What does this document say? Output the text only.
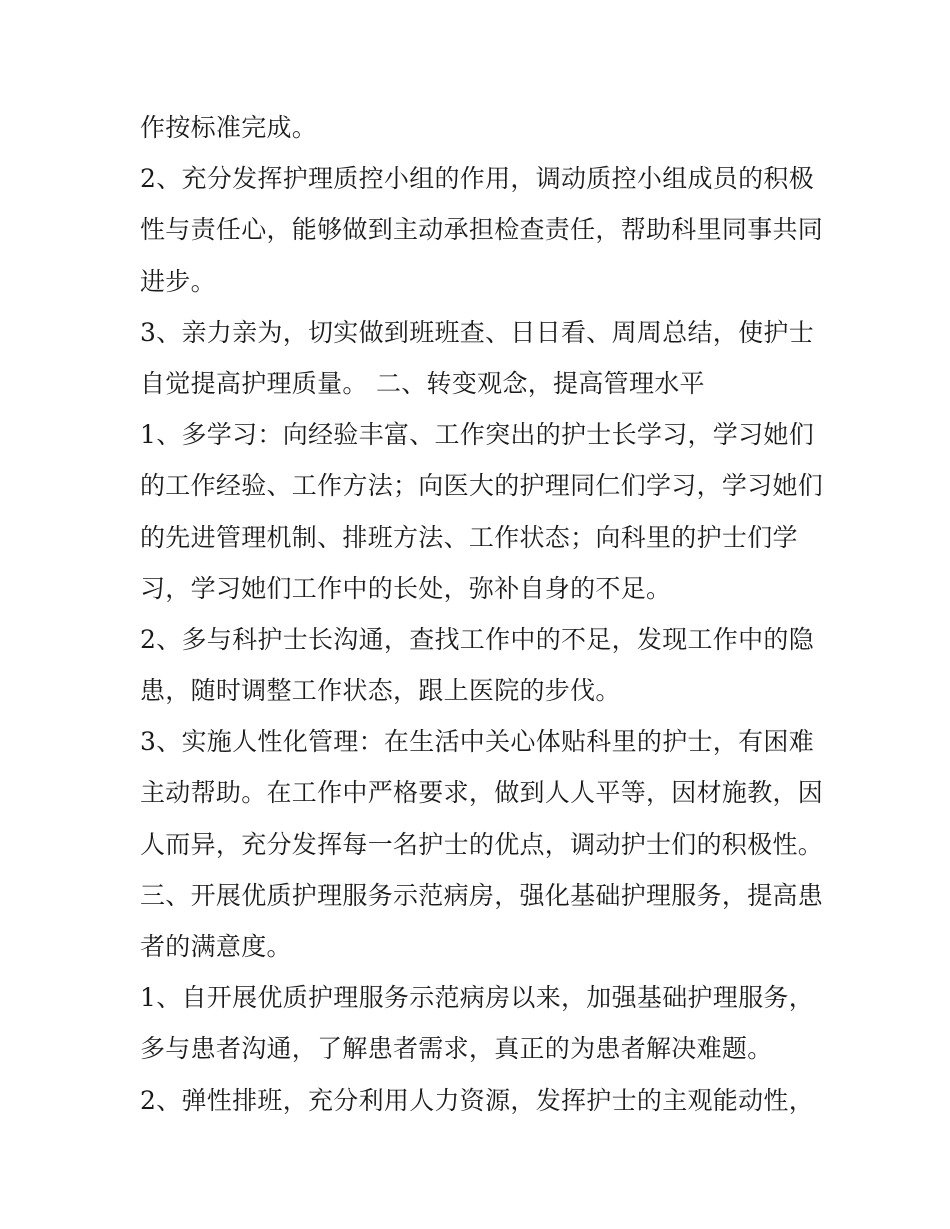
作按标准完成。
2、充分发挥护理质控小组的作用，调动质控小组成员的积极
性与责任心，能够做到主动承担检查责任，帮助科里同事共同
进步。
3、亲力亲为，切实做到班班查、日日看、周周总结，使护士
自觉提高护理质量。 二、转变观念，提高管理水平
1、多学习：向经验丰富、工作突出的护士长学习，学习她们
的工作经验、工作方法；向医大的护理同仁们学习，学习她们
的先进管理机制、排班方法、工作状态；向科里的护士们学
习，学习她们工作中的长处，弥补自身的不足。
2、多与科护士长沟通，查找工作中的不足，发现工作中的隐
患，随时调整工作状态，跟上医院的步伐。
3、实施人性化管理：在生活中关心体贴科里的护士，有困难
主动帮助。在工作中严格要求，做到人人平等，因材施教，因
人而异，充分发挥每一名护士的优点，调动护士们的积极性。
三、开展优质护理服务示范病房，强化基础护理服务，提高患
者的满意度。
1、自开展优质护理服务示范病房以来，加强基础护理服务，
多与患者沟通，了解患者需求，真正的为患者解决难题。
2、弹性排班，充分利用人力资源，发挥护士的主观能动性，
